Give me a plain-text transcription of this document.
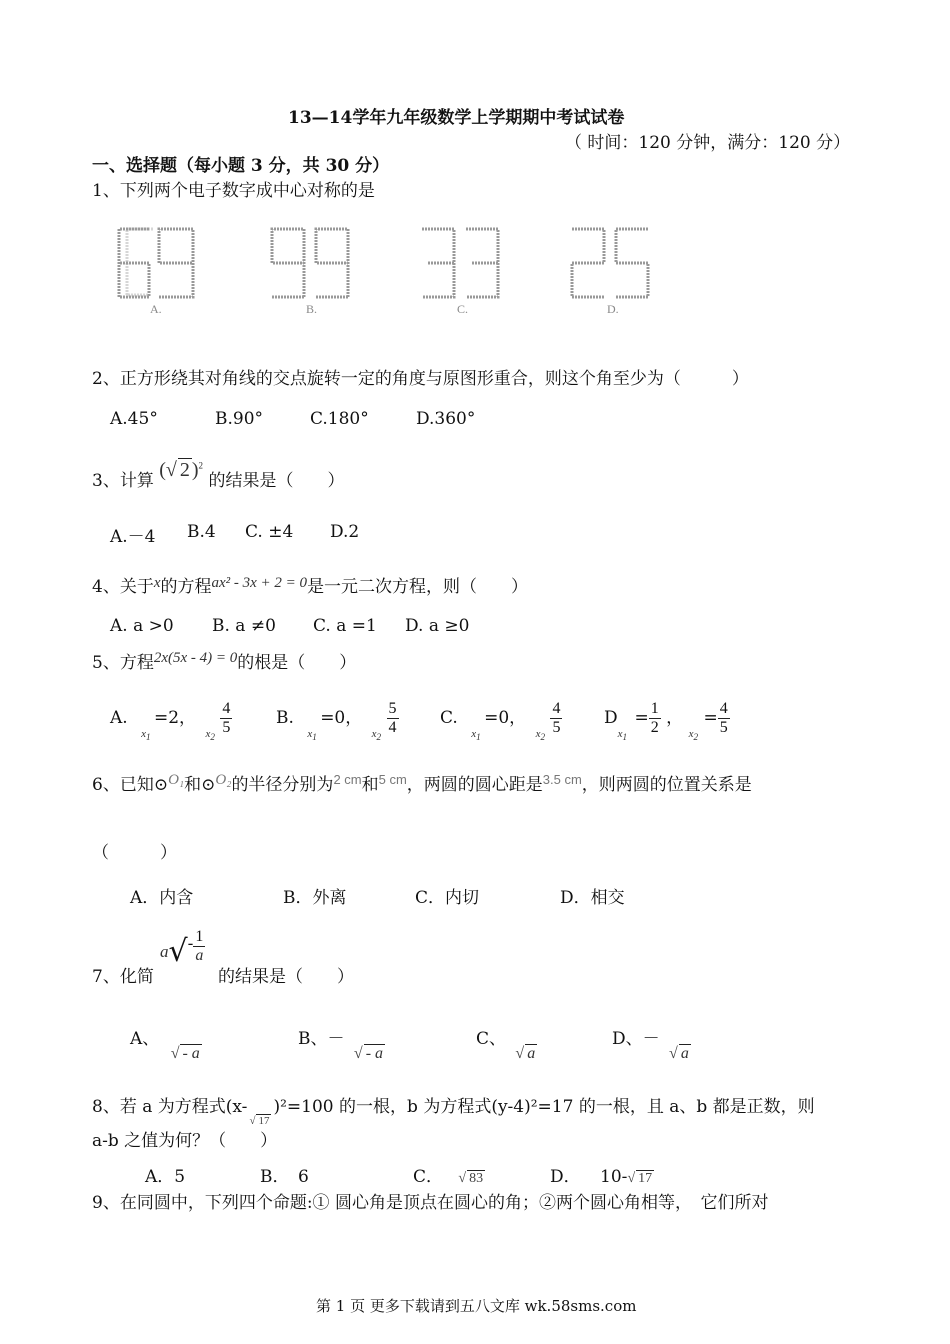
13—14学年九年级数学上学期期中考试试卷
（ 时间：120 分钟，满分：120 分）
一、选择题（每小题 3 分，共 30 分）
1、下列两个电子数字成中心对称的是
A.	B.	C.	D.
2、正方形绕其对角线的交点旋转一定的角度与原图形重合，则这个角至少为（　　　）
A.45°	B.90°	C.180°	D.360°
3、计算 (√ 2 )$^2$ 的结果是（　　）
A.－4 B.4 C. ±4 D.2
4、关于x的方程ax² - 3x + 2 = 0是一元二次方程，则（　　）
A. a >0 B. a ≠0 C. a =1 D. a ≥0
5、方程2x(5x - 4) = 0的根是（　　）
A. $_{x_1}$ =2， $_{x_2}$
$\frac{4}{5}$	B. $_{x_1}$ =0， $_{x_2}$
$\frac{5}{4} C$. $_{x_1}$ =0， $_{x_2}$
$\frac{4}{5} D_{x_1} = \frac{1}{2}$ ， $_{x_2} = \frac{4}{5}$
6、已知⊙O₁和⊙O₂的半径分别为$^{2 cm}$和$^{5 cm}$，两圆的圆心距是$^{3.5 cm}$，则两圆的位置关系是
（　　　）
A．内含	B．外离	C．内切	D．相交
7、化简
$a√- \frac{1}{a}$
的结果是（　　）
A、 √ - a
B、－ √ - a
C、 √ a
D、－ √ a
8、若 a 为方程式$(x-_{√ 17})^2=100$ 的一根，b 为方程式(y-4)²=17 的一根，且 a、b 都是正数，则
a-b 之值为何？（　　）
A．5	B．　6	C． √ 83	D． 10-√ 17
9、在同圆中，下列四个命题:① 圆心角是顶点在圆心的角；②两个圆心角相等，　它们所对
第 1 页 更多下载请到五八文库 wk.58sms.com
